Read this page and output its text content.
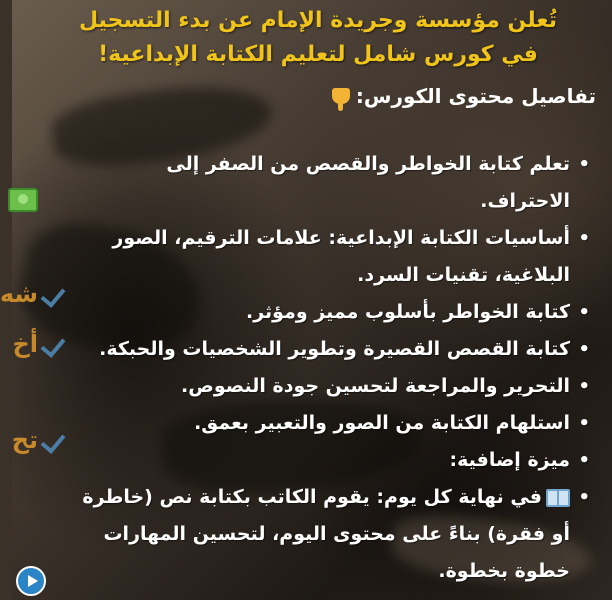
تُعلن مؤسسة وجريدة الإمام عن بدء التسجيل
في كورس شامل لتعليم الكتابة الإبداعية!
تفاصيل محتوى الكورس:
•
تعلم كتابة الخواطر والقصص من الصفر إلى الاحتراف.
•
أساسيات الكتابة الإبداعية: علامات الترقيم، الصور البلاغية، تقنيات السرد.
•
كتابة الخواطر بأسلوب مميز ومؤثر.
•
كتابة القصص القصيرة وتطوير الشخصيات والحبكة.
•
التحرير والمراجعة لتحسين جودة النصوص.
•
استلهام الكتابة من الصور والتعبير بعمق.
•
ميزة إضافية:
•
في نهاية كل يوم: يقوم الكاتب بكتابة نص (خاطرة أو فقرة) بناءً على محتوى اليوم، لتحسين المهارات خطوة بخطوة.
شه
أخ
تح
